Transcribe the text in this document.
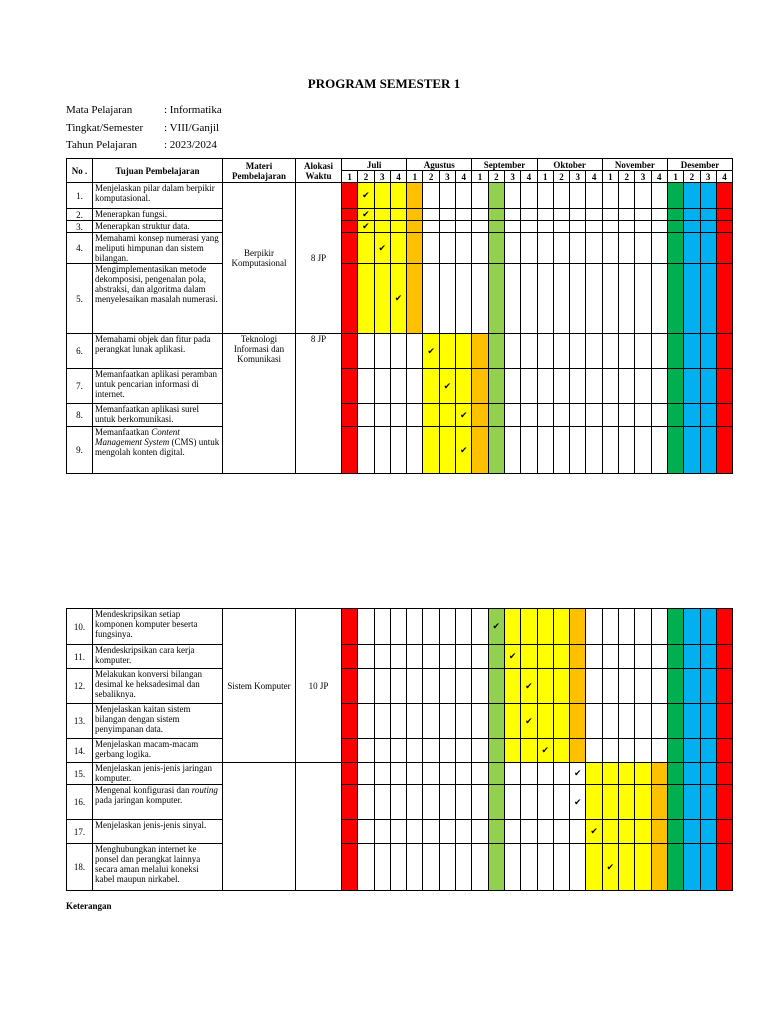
PROGRAM SEMESTER 1
Mata Pelajaran	: Informatika
Tingkat/Semester	: VIII/Ganjil
Tahun Pelajaran	: 2023/2024
No .	Tujuan Pembelajaran	Materi Pembelajaran	Alokasi Waktu	Juli				Agustus				September				Oktober				November				Desember			
				1	2	3	4	1	2	3	4	1	2	3	4	1	2	3	4	1	2	3	4	1	2	3	4
1.	Menjelaskan pilar dalam berpikir komputasional.	Berpikir Komputasional	8 JP		✔																						
2.	Menerapkan fungsi.				✔																						
3.	Menerapkan struktur data.				✔																						
4.	Memahami konsep numerasi yang meliputi himpunan dan sistem bilangan.					✔																					
5.	Mengimplementasikan metode dekomposisi, pengenalan pola, abstraksi, dan algoritma dalam menyelesaikan masalah numerasi.						✔																				
6.	Memahami objek dan fitur pada perangkat lunak aplikasi.	Teknologi Informasi dan Komunikasi	8 JP						✔																		
7.	Memanfaatkan aplikasi peramban untuk pencarian informasi di internet.									✔																	
8.	Memanfaatkan aplikasi surel untuk berkomunikasi.										✔																
9.	Memanfaatkan Content Management System (CMS) untuk mengolah konten digital.										✔																
10.	Mendeskripsikan setiap komponen komputer beserta fungsinya.	Sistem Komputer	10 JP										✔														
11.	Mendeskripsikan cara kerja komputer.													✔													
12.	Melakukan konversi bilangan desimal ke heksadesimal dan sebaliknya.														✔												
13.	Menjelaskan kaitan sistem bilangan dengan sistem penyimpanan data.														✔												
14.	Menjelaskan macam-macam gerbang logika.															✔											
15.	Menjelaskan jenis-jenis jaringan komputer.																	✔									
16.	Mengenal konfigurasi dan routing pada jaringan komputer.																	✔									
17.	Menjelaskan jenis-jenis sinyal.																		✔								
18.	Menghubungkan internet ke ponsel dan perangkat lainnya secara aman melalui koneksi kabel maupun nirkabel.																			✔							
Keterangan
